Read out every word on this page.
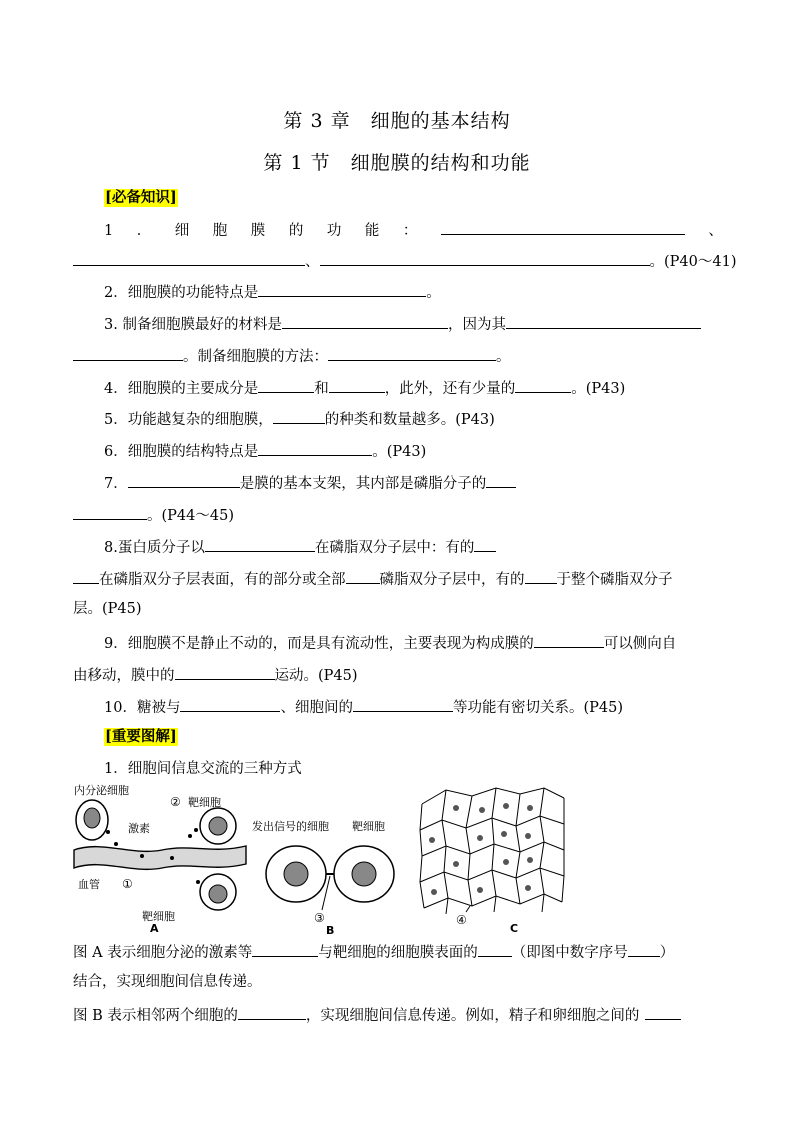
第 3 章　细胞的基本结构
第 1 节　细胞膜的结构和功能
[必备知识]
1 ． 细 胞 膜 的 功 能 ：	、
、	。(P40～41)
2．细胞膜的功能特点是	。
3. 制备细胞膜最好的材料是	，因为其
。制备细胞膜的方法：	。
4．细胞膜的主要成分是	和	，此外，还有少量的	。(P43)
5．功能越复杂的细胞膜，	的种类和数量越多。(P43)
6．细胞膜的结构特点是	。(P43)
7．	是膜的基本支架，其内部是磷脂分子的
。(P44～45)
8.蛋白质分子以	在磷脂双分子层中：有的
在磷脂双分子层表面，有的部分或全部 磷脂双分子层中，有的 于整个磷脂双分子
层。(P45)
9．细胞膜不是静止不动的，而是具有流动性，主要表现为构成膜的	可以侧向自
由移动，膜中的	运动。(P45)
10．糖被与	、细胞间的	等功能有密切关系。(P45)
[重要图解]
1．细胞间信息交流的三种方式
内分泌细胞
② 靶细胞
激素
血管 ①
靶细胞
A
发出信号的细胞 靶细胞
③
B
④
C
图 A 表示细胞分泌的激素等	与靶细胞的细胞膜表面的 （即图中数字序号 ）
结合，实现细胞间信息传递。
图 B 表示相邻两个细胞的	，实现细胞间信息传递。例如，精子和卵细胞之间的
